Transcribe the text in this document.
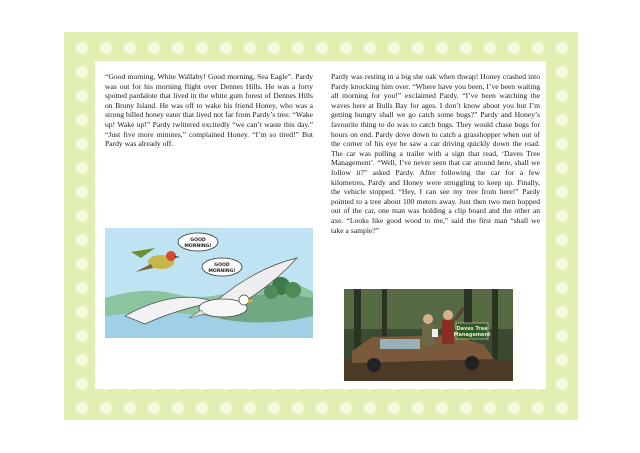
“Good morning, White Wallaby! Good morning, Sea Eagle”. Pardy was out for his morning flight over Dennes Hills. He was a forty spotted pardalote that lived in the white gum forest of Dennes Hills on Bruny Island. He was off to wake his friend Honey, who was a strong billed honey eater that lived not far from Pardy’s tree. “Wake up! Wake up!” Pardy twittered excitedly “we can’t waste this day.” “Just five more minutes,” complained Honey. “I’m so tired!” But Pardy was already off.

GOOD
MORNING!
GOOD
MORNING!

Pardy was resting in a big she oak when thwap! Honey crashed into Pardy knocking him over. “Where have you been, I’ve been waiting all morning for you!” exclaimed Pardy. “I’ve been watching the waves here at Bulls Bay for ages. I don’t know about you but I’m getting hungry shall we go catch some bugs?” Pardy and Honey’s favourite thing to do was to catch bugs. They would chase bugs for hours on end. Pardy dove down to catch a grasshopper when out of the corner of his eye he saw a car driving quickly down the road. The car was pulling a trailer with a sign that read, ‘Daves Tree Management’. “Well, I’ve never seen that car around here, shall we follow it?” asked Pardy. After following the car for a few kilometres, Pardy and Honey were struggling to keep up. Finally, the vehicle stopped. “Hey, I can see my tree from here!” Pardy pointed to a tree about 100 meters away. Just then two men hopped out of the car, one man was holding a clip board and the other an axe. “Looks like good wood to me,” said the first man “shall we take a sample?”

Daves Tree
Management
